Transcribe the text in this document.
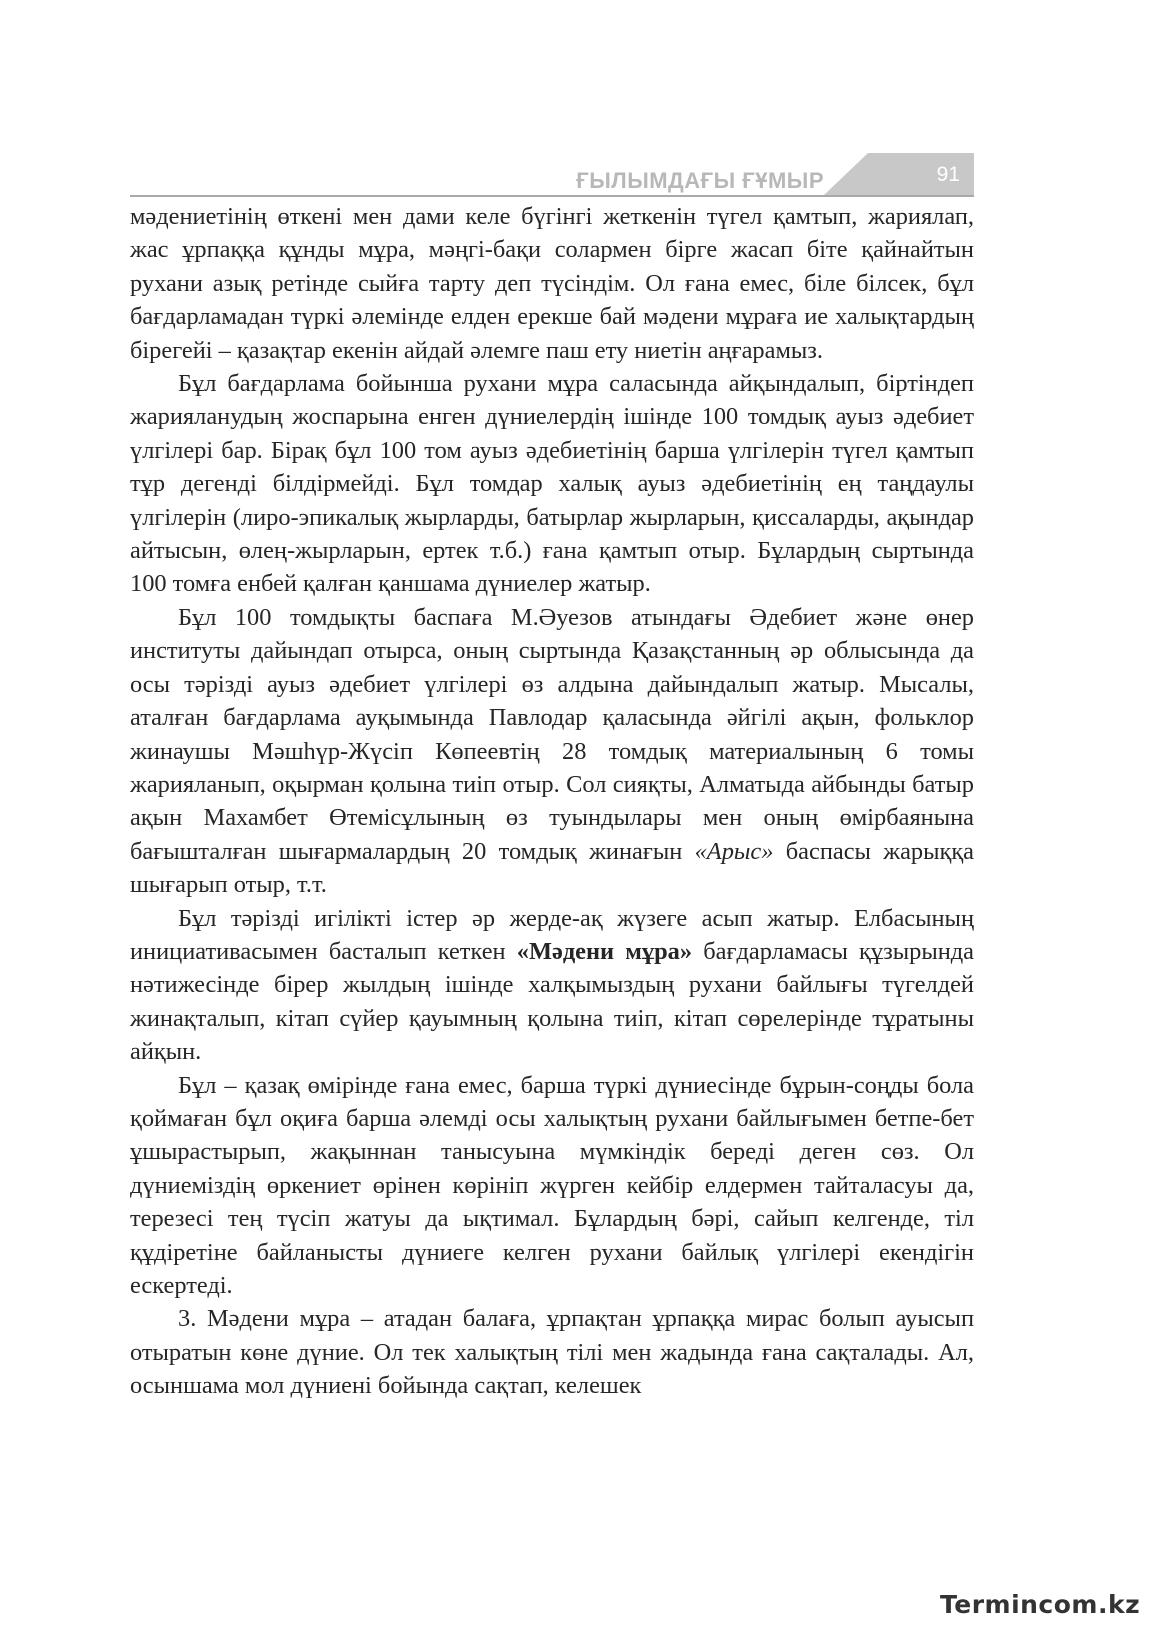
ҒЫЛЫМДАҒЫ ҒҰМЫР	91

мәдениетінің өткені мен дами келе бүгінгі жеткенін түгел қамтып, жариялап, жас ұрпаққа құнды мұра, мәңгі-бақи солармен бірге жасап біте қайнайтын рухани азық ретінде сыйға тарту деп түсіндім. Ол ғана емес, біле білсек, бұл бағдарламадан түркі әлемінде елден ерекше бай мәдени мұраға ие халықтардың бірегейі – қазақтар екенін айдай әлемге паш ету ниетін аңғарамыз.

Бұл бағдарлама бойынша рухани мұра саласында айқындалып, біртіндеп жарияланудың жоспарына енген дүниелердің ішінде 100 томдық ауыз әдебиет үлгілері бар. Бірақ бұл 100 том ауыз әдебиетінің барша үлгілерін түгел қамтып тұр дегенді білдірмейді. Бұл томдар халық ауыз әдебиетінің ең таңдаулы үлгілерін (лиро-эпикалық жырларды, батырлар жырларын, қиссаларды, ақындар айтысын, өлең-жырларын, ертек т.б.) ғана қамтып отыр. Бұлардың сыртында 100 томға енбей қалған қаншама дүниелер жатыр.

Бұл 100 томдықты баспаға М.Әуезов атындағы Әдебиет және өнер институты дайындап отырса, оның сыртында Қазақстанның әр облысында да осы тәрізді ауыз әдебиет үлгілері өз алдына дайындалып жатыр. Мысалы, аталған бағдарлама ауқымында Павлодар қаласында әйгілі ақын, фольклор жинаушы Мәшһүр-Жүсіп Көпеевтің 28 томдық материалының 6 томы жарияланып, оқырман қолына тиіп отыр. Сол сияқты, Алматыда айбынды батыр ақын Махамбет Өтемісұлының өз туындылары мен оның өмірбаянына бағышталған шығармалардың 20 томдық жинағын «Арыс» баспасы жарыққа шығарып отыр, т.т.

Бұл тәрізді игілікті істер әр жерде-ақ жүзеге асып жатыр. Елбасының инициативасымен басталып кеткен «Мәдени мұра» бағдарламасы құзырында нәтижесінде бірер жылдың ішінде халқымыздың рухани байлығы түгелдей жинақталып, кітап сүйер қауымның қолына тиіп, кітап сөрелерінде тұратыны айқын.

Бұл – қазақ өмірінде ғана емес, барша түркі дүниесінде бұрын-соңды бола қоймаған бұл оқиға барша әлемді осы халықтың рухани байлығымен бетпе-бет ұшырастырып, жақыннан танысуына мүмкіндік береді деген сөз. Ол дүниеміздің өркениет өрінен көрініп жүрген кейбір елдермен тайталасуы да, терезесі тең түсіп жатуы да ықтимал. Бұлардың бәрі, сайып келгенде, тіл құдіретіне байланысты дүниеге келген рухани байлық үлгілері екендігін ескертеді.

3. Мәдени мұра – атадан балаға, ұрпақтан ұрпаққа мирас болып ауысып отыратын көне дүние. Ол тек халықтың тілі мен жадында ғана сақталады. Ал, осыншама мол дүниені бойында сақтап, келешек

Termincom.kz
